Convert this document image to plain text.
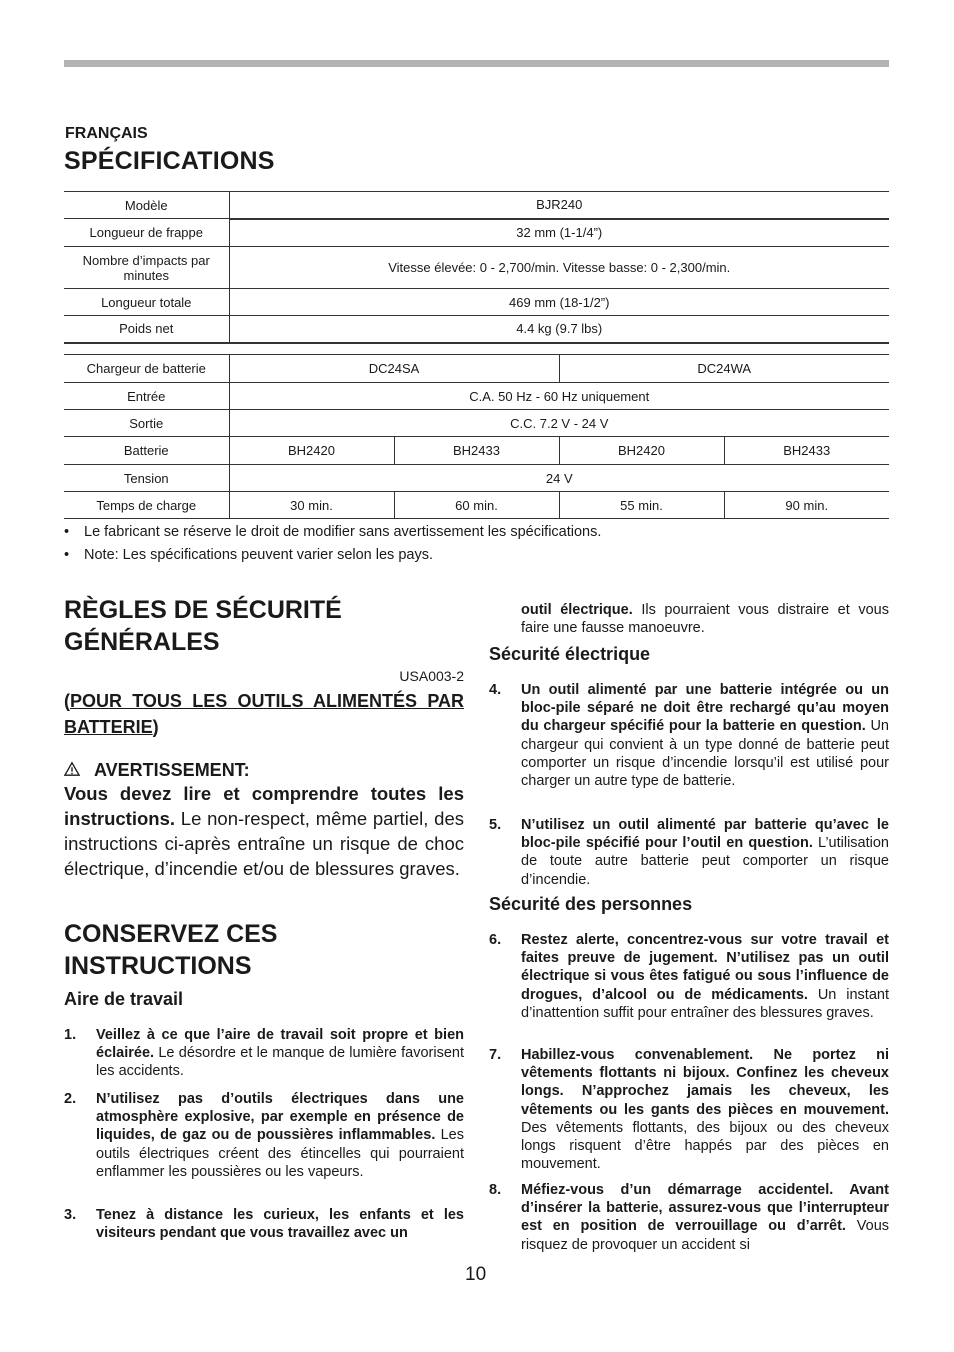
FRANÇAIS
SPÉCIFICATIONS
Modèle	BJR240
Longueur de frappe	32 mm (1-1/4”)
Nombre d’impacts par minutes	Vitesse élevée: 0 - 2,700/min. Vitesse basse: 0 - 2,300/min.
Longueur totale	469 mm (18-1/2”)
Poids net	4.4 kg (9.7 lbs)
Chargeur de batterie	DC24SA		DC24WA	
Entrée	C.A. 50 Hz - 60 Hz uniquement			
Sortie	C.C. 7.2 V - 24 V			
Batterie	BH2420	BH2433	BH2420	BH2433
Tension	24 V			
Temps de charge	30 min.	60 min.	55 min.	90 min.
• Le fabricant se réserve le droit de modifier sans avertissement les spécifications.
• Note: Les spécifications peuvent varier selon les pays.
RÈGLES DE SÉCURITÉ
GÉNÉRALES
USA003-2
(POUR TOUS LES OUTILS ALIMENTÉS PAR BATTERIE)
AVERTISSEMENT:
Vous devez lire et comprendre toutes les instructions. Le non-respect, même partiel, des instructions ci-après entraîne un risque de choc électrique, d’incendie et/ou de blessures graves.
CONSERVEZ CES
INSTRUCTIONS
Aire de travail
1. Veillez à ce que l’aire de travail soit propre et bien éclairée. Le désordre et le manque de lumière favorisent les accidents.
2. N’utilisez pas d’outils électriques dans une atmosphère explosive, par exemple en présence de liquides, de gaz ou de poussières inflammables. Les outils électriques créent des étincelles qui pourraient enflammer les poussières ou les vapeurs.
3. Tenez à distance les curieux, les enfants et les visiteurs pendant que vous travaillez avec un
outil électrique. Ils pourraient vous distraire et vous faire une fausse manoeuvre.
Sécurité électrique
4. Un outil alimenté par une batterie intégrée ou un bloc-pile séparé ne doit être rechargé qu’au moyen du chargeur spécifié pour la batterie en question. Un chargeur qui convient à un type donné de batterie peut comporter un risque d’incendie lorsqu’il est utilisé pour charger un autre type de batterie.
5. N’utilisez un outil alimenté par batterie qu’avec le bloc-pile spécifié pour l’outil en question. L’utilisation de toute autre batterie peut comporter un risque d’incendie.
Sécurité des personnes
6. Restez alerte, concentrez-vous sur votre travail et faites preuve de jugement. N’utilisez pas un outil électrique si vous êtes fatigué ou sous l’influence de drogues, d’alcool ou de médicaments. Un instant d’inattention suffit pour entraîner des blessures graves.
7. Habillez-vous convenablement. Ne portez ni vêtements flottants ni bijoux. Confinez les cheveux longs. N’approchez jamais les cheveux, les vêtements ou les gants des pièces en mouvement. Des vêtements flottants, des bijoux ou des cheveux longs risquent d’être happés par des pièces en mouvement.
8. Méfiez-vous d’un démarrage accidentel. Avant d’insérer la batterie, assurez-vous que l’interrupteur est en position de verrouillage ou d’arrêt. Vous risquez de provoquer un accident si
10
